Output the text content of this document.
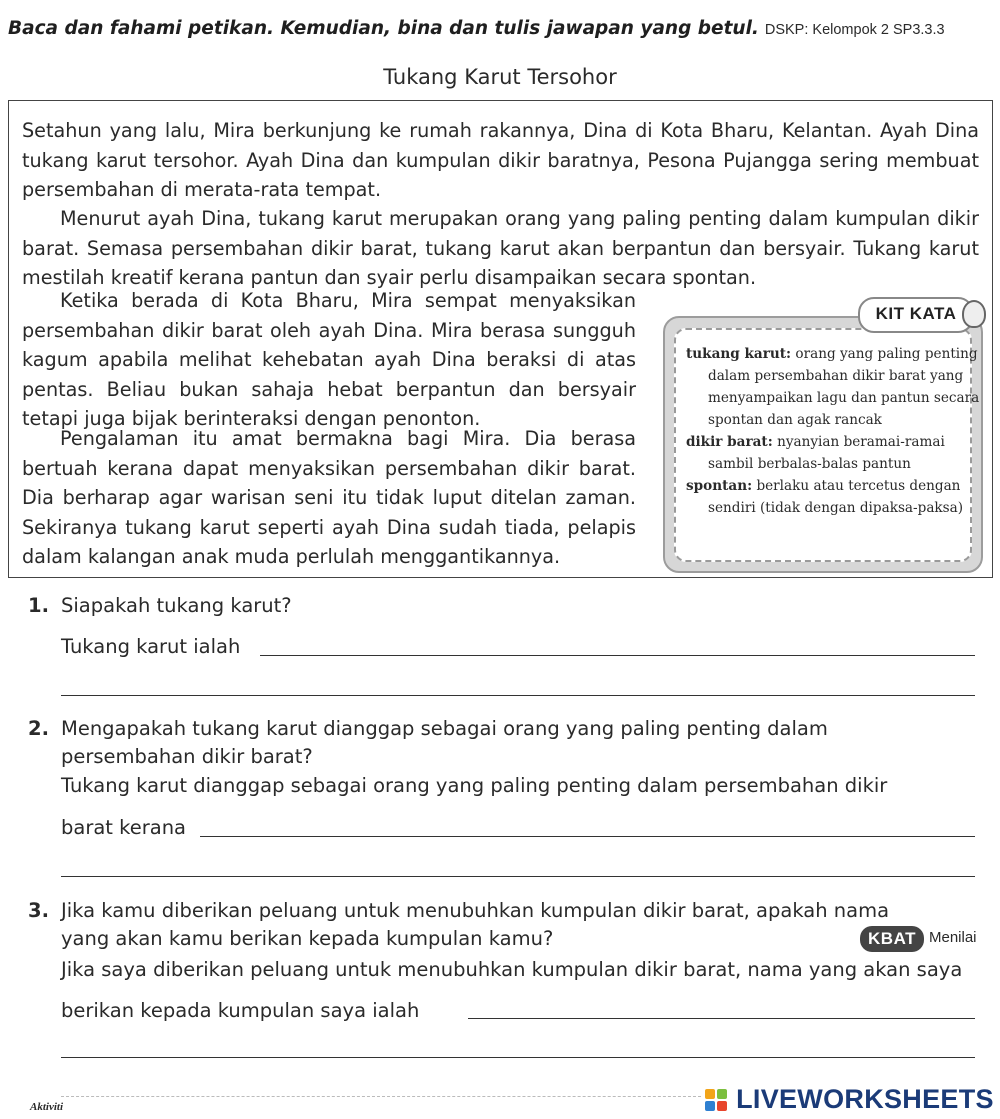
Baca dan fahami petikan. Kemudian, bina dan tulis jawapan yang betul. DSKP: Kelompok 2 SP3.3.3
Tukang Karut Tersohor

Setahun yang lalu, Mira berkunjung ke rumah rakannya, Dina di Kota Bharu, Kelantan. Ayah Dina tukang karut tersohor. Ayah Dina dan kumpulan dikir baratnya, Pesona Pujangga sering membuat persembahan di merata-rata tempat.

Menurut ayah Dina, tukang karut merupakan orang yang paling penting dalam kumpulan dikir barat. Semasa persembahan dikir barat, tukang karut akan berpantun dan bersyair. Tukang karut mestilah kreatif kerana pantun dan syair perlu disampaikan secara spontan.

Ketika berada di Kota Bharu, Mira sempat menyaksikan persembahan dikir barat oleh ayah Dina. Mira berasa sungguh kagum apabila melihat kehebatan ayah Dina beraksi di atas pentas. Beliau bukan sahaja hebat berpantun dan bersyair tetapi juga bijak berinteraksi dengan penonton.

Pengalaman itu amat bermakna bagi Mira. Dia berasa bertuah kerana dapat menyaksikan persembahan dikir barat. Dia berharap agar warisan seni itu tidak luput ditelan zaman. Sekiranya tukang karut seperti ayah Dina sudah tiada, pelapis dalam kalangan anak muda perlulah menggantikannya.

KIT KATA
tukang karut: orang yang paling penting dalam persembahan dikir barat yang menyampaikan lagu dan pantun secara spontan dan agak rancak
dikir barat: nyanyian beramai-ramai sambil berbalas-balas pantun
spontan: berlaku atau tercetus dengan sendiri (tidak dengan dipaksa-paksa)
1. Siapakah tukang karut?
Tukang karut ialah
2. Mengapakah tukang karut dianggap sebagai orang yang paling penting dalam
persembahan dikir barat?
Tukang karut dianggap sebagai orang yang paling penting dalam persembahan dikir
barat kerana
3. Jika kamu diberikan peluang untuk menubuhkan kumpulan dikir barat, apakah nama
yang akan kamu berikan kepada kumpulan kamu?	KBAT Menilai
Jika saya diberikan peluang untuk menubuhkan kumpulan dikir barat, nama yang akan saya
berikan kepada kumpulan saya ialah
Aktiviti	LIVEWORKSHEETS
